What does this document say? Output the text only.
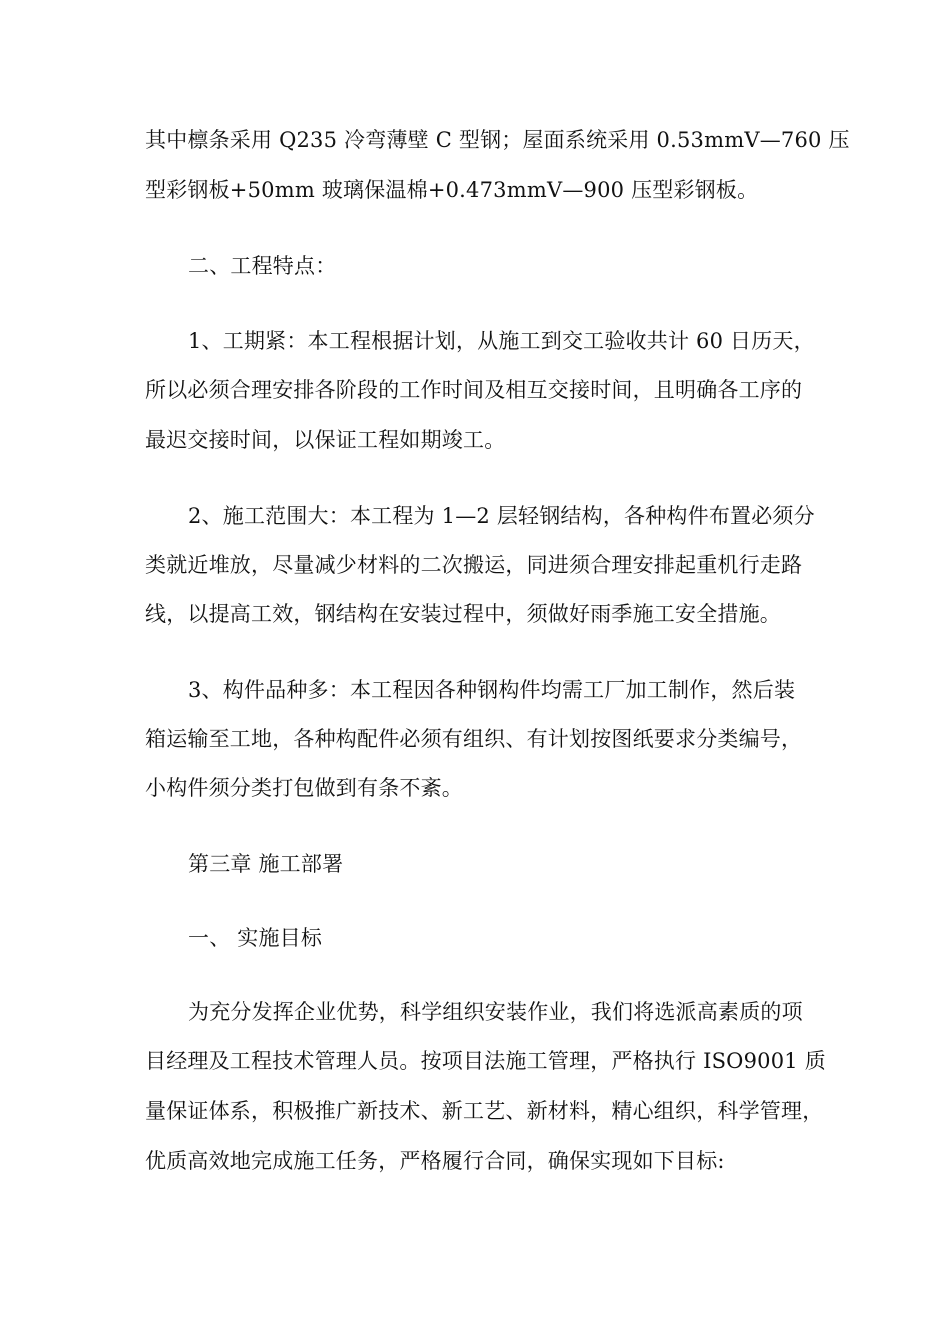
其中檩条采用 Q235 冷弯薄壁 C 型钢；屋面系统采用 0.53mmV—760 压
型彩钢板+50mm 玻璃保温棉+0.473mmV—900 压型彩钢板。
二、工程特点：
1、工期紧：本工程根据计划，从施工到交工验收共计 60 日历天，
所以必须合理安排各阶段的工作时间及相互交接时间，且明确各工序的
最迟交接时间，以保证工程如期竣工。
2、施工范围大：本工程为 1—2 层轻钢结构，各种构件布置必须分
类就近堆放，尽量减少材料的二次搬运，同进须合理安排起重机行走路
线，以提高工效，钢结构在安装过程中，须做好雨季施工安全措施。
3、构件品种多：本工程因各种钢构件均需工厂加工制作，然后装
箱运输至工地，各种构配件必须有组织、有计划按图纸要求分类编号，
小构件须分类打包做到有条不紊。
第三章 施工部署
一、 实施目标
为充分发挥企业优势，科学组织安装作业，我们将选派高素质的项
目经理及工程技术管理人员。按项目法施工管理，严格执行 ISO9001 质
量保证体系，积极推广新技术、新工艺、新材料，精心组织，科学管理，
优质高效地完成施工任务，严格履行合同，确保实现如下目标:
